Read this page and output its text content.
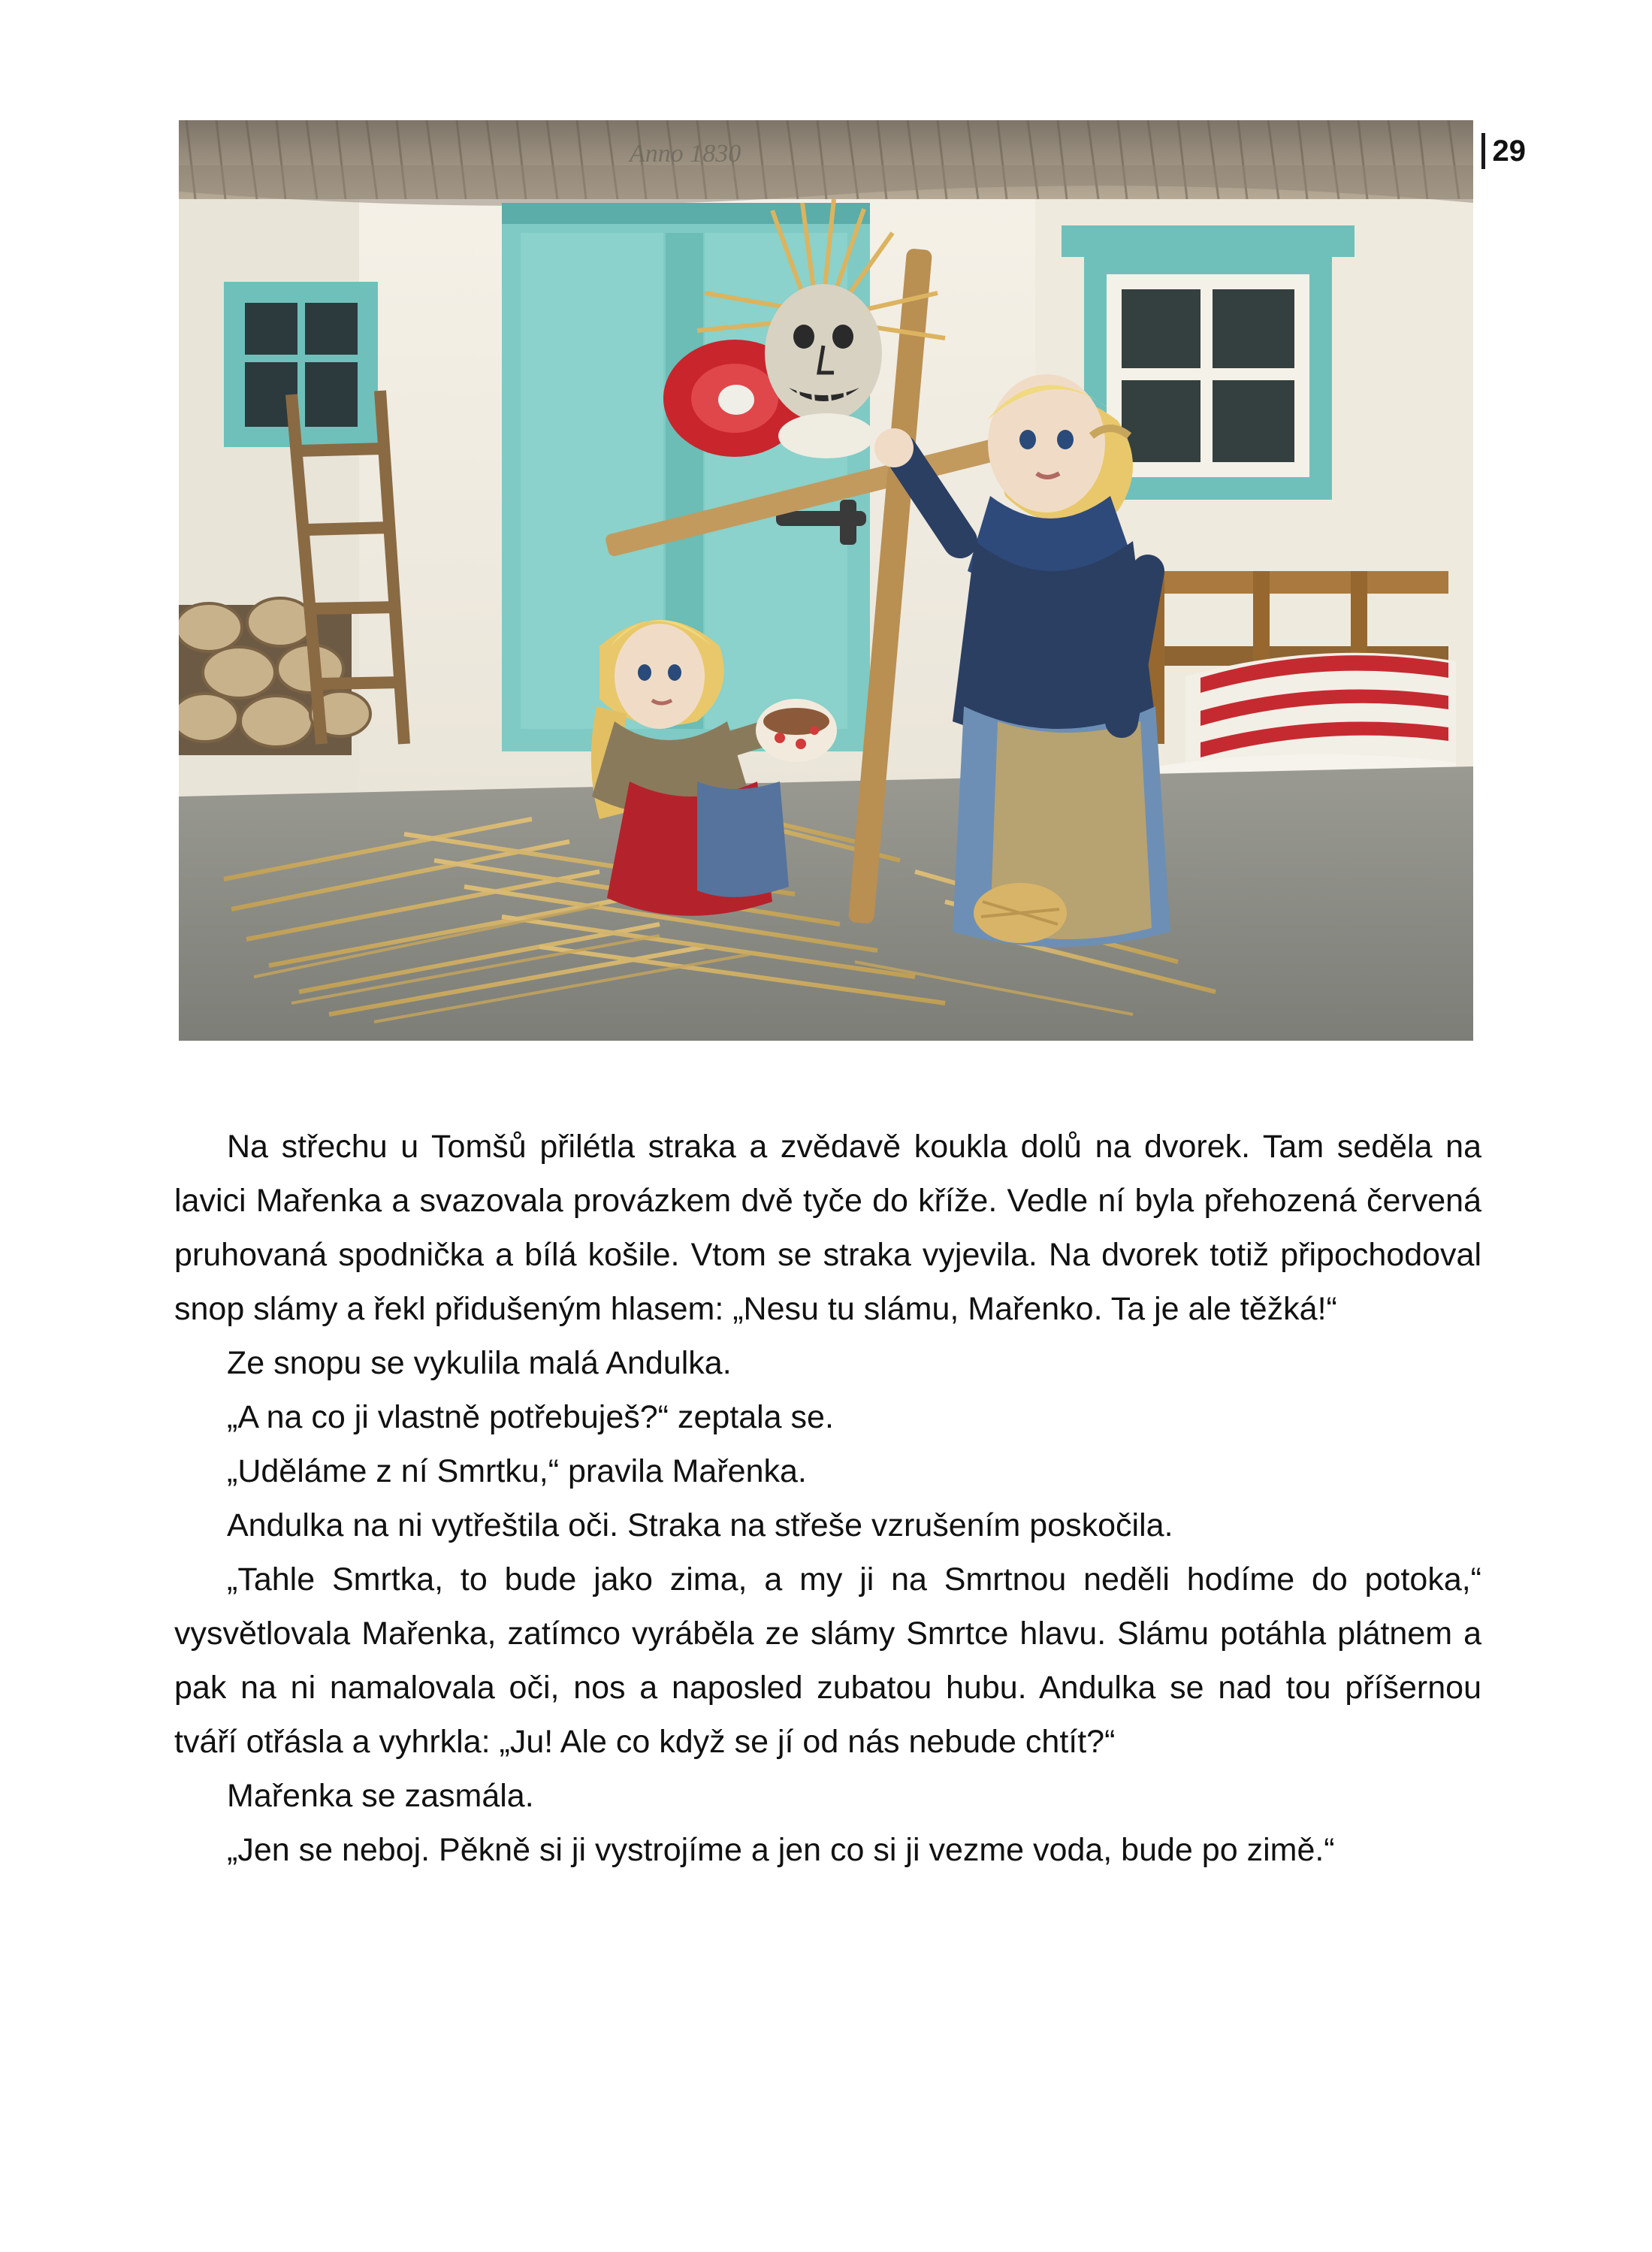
29
Anno 1830

Na střechu u Tomšů přilétla straka a zvědavě koukla dolů na dvorek. Tam seděla na lavici Mařenka a svazovala provázkem dvě tyče do kříže. Vedle ní byla přehozená červená pruhovaná spodnička a bílá košile. Vtom se straka vyjevila. Na dvorek totiž připochodoval snop slámy a řekl přidušeným hlasem: „Nesu tu slámu, Mařenko. Ta je ale těžká!“

Ze snopu se vykulila malá Andulka.

„A na co ji vlastně potřebuješ?“ zeptala se.

„Uděláme z ní Smrtku,“ pravila Mařenka.

Andulka na ni vytřeštila oči. Straka na střeše vzrušením poskočila.

„Tahle Smrtka, to bude jako zima, a my ji na Smrtnou neděli hodíme do potoka,“ vysvětlovala Mařenka, zatímco vyráběla ze slámy Smrtce hlavu. Slámu potáhla plátnem a pak na ni namalovala oči, nos a naposled zubatou hubu. Andulka se nad tou příšernou tváří otřásla a vyhrkla: „Ju! Ale co když se jí od nás nebude chtít?“

Mařenka se zasmála.

„Jen se neboj. Pěkně si ji vystrojíme a jen co si ji vezme voda, bude po zimě.“
